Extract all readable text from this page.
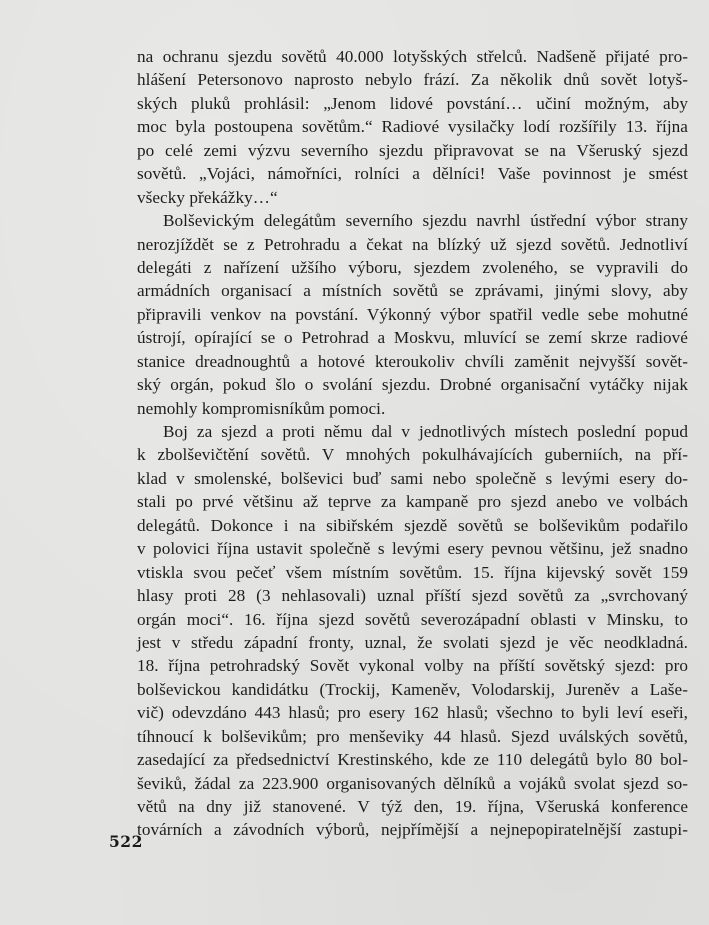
na ochranu sjezdu sovětů 40.000 lotyšských střelců. Nadšeně přijaté pro-
hlášení Petersonovo naprosto nebylo frází. Za několik dnů sovět lotyš-
ských pluků prohlásil: „Jenom lidové povstání… učiní možným, aby
moc byla postoupena sovětům.“ Radiové vysilačky lodí rozšířily 13. října
po celé zemi výzvu severního sjezdu připravovat se na Všeruský sjezd
sovětů. „Vojáci, námořníci, rolníci a dělníci! Vaše povinnost je smést
všecky překážky…“
Bolševickým delegátům severního sjezdu navrhl ústřední výbor strany
nerozjíždět se z Petrohradu a čekat na blízký už sjezd sovětů. Jednotliví
delegáti z nařízení užšího výboru, sjezdem zvoleného, se vypravili do
armádních organisací a místních sovětů se zprávami, jinými slovy, aby
připravili venkov na povstání. Výkonný výbor spatřil vedle sebe mohutné
ústrojí, opírající se o Petrohrad a Moskvu, mluvící se zemí skrze radiové
stanice dreadnoughtů a hotové kteroukoliv chvíli zaměnit nejvyšší sovět-
ský orgán, pokud šlo o svolání sjezdu. Drobné organisační vytáčky nijak
nemohly kompromisníkům pomoci.
Boj za sjezd a proti němu dal v jednotlivých místech poslední popud
k zbolševičtění sovětů. V mnohých pokulhávajících guberniích, na pří-
klad v smolenské, bolševici buď sami nebo společně s levými esery do-
stali po prvé většinu až teprve za kampaně pro sjezd anebo ve volbách
delegátů. Dokonce i na sibiřském sjezdě sovětů se bolševikům podařilo
v polovici října ustavit společně s levými esery pevnou většinu, jež snadno
vtiskla svou pečeť všem místním sovětům. 15. října kijevský sovět 159
hlasy proti 28 (3 nehlasovali) uznal příští sjezd sovětů za „svrchovaný
orgán moci“. 16. října sjezd sovětů severozápadní oblasti v Minsku, to
jest v středu západní fronty, uznal, že svolati sjezd je věc neodkladná.
18. října petrohradský Sovět vykonal volby na příští sovětský sjezd: pro
bolševickou kandidátku (Trockij, Kameněv, Volodarskij, Jureněv a Laše-
vič) odevzdáno 443 hlasů; pro esery 162 hlasů; všechno to byli leví eseři,
tíhnoucí k bolševikům; pro menševiky 44 hlasů. Sjezd uválských sovětů,
zasedající za předsednictví Krestinského, kde ze 110 delegátů bylo 80 bol-
ševiků, žádal za 223.900 organisovaných dělníků a vojáků svolat sjezd so-
větů na dny již stanovené. V týž den, 19. října, Všeruská konference
továrních a závodních výborů, nejpřímější a nejnepopiratelnější zastupi-
522
